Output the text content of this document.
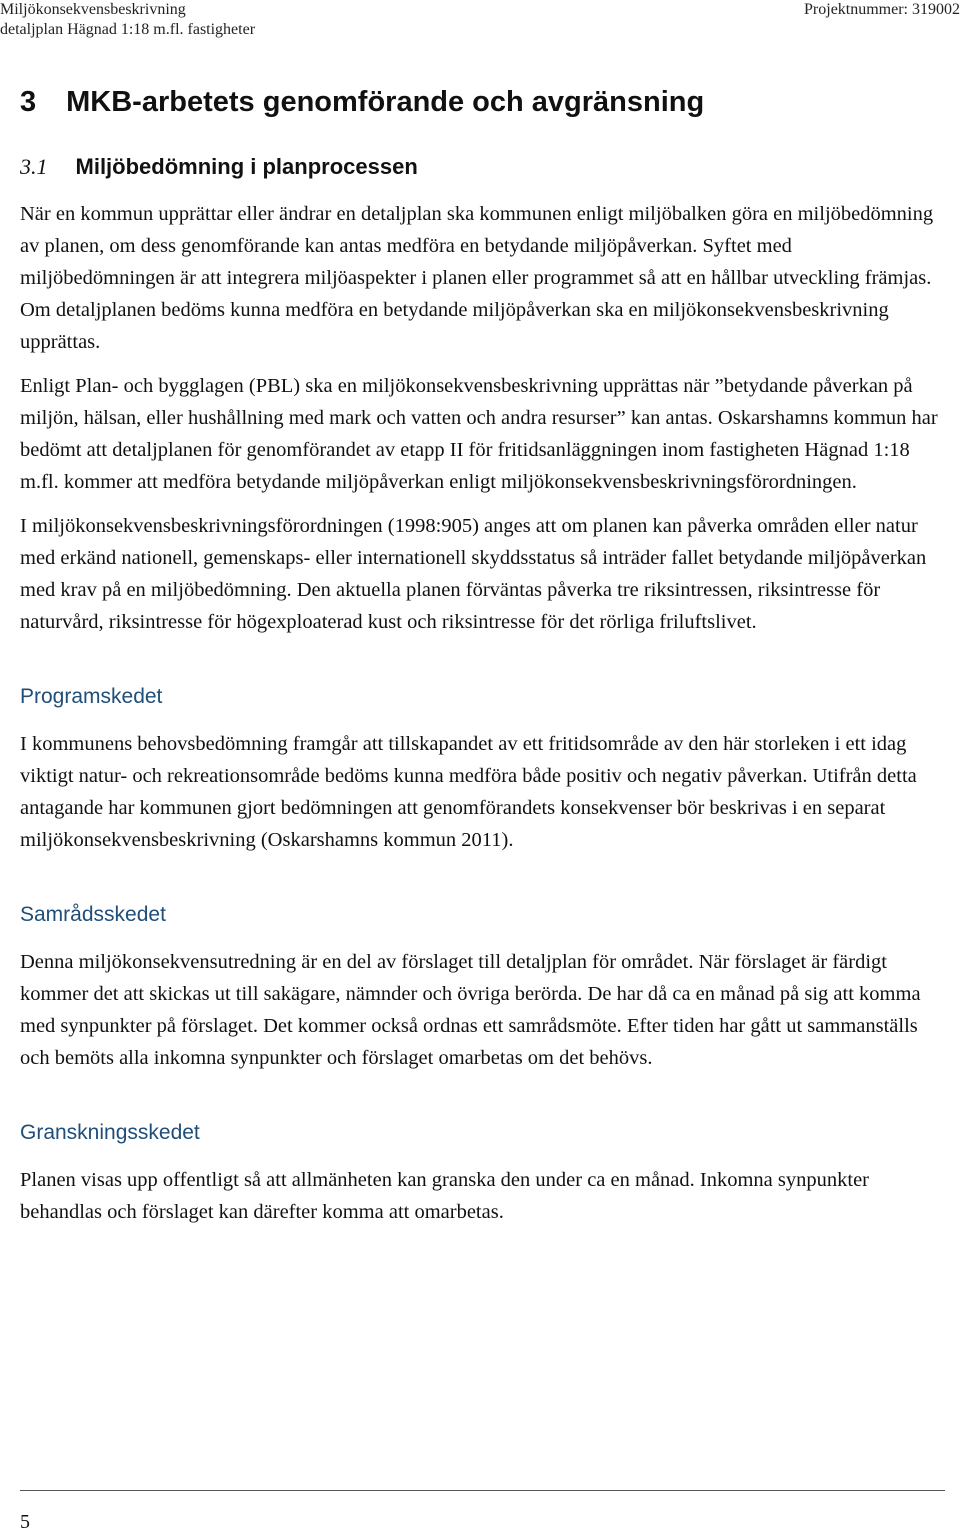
Miljökonsekvensbeskrivning
detaljplan Hägnad 1:18 m.fl. fastigheter
Projektnummer: 319002
3 MKB-arbetets genomförande och avgränsning
3.1 Miljöbedömning i planprocessen

När en kommun upprättar eller ändrar en detaljplan ska kommunen enligt miljöbalken göra en miljöbedömning av planen, om dess genomförande kan antas medföra en betydande miljöpåverkan. Syftet med miljöbedömningen är att integrera miljöaspekter i planen eller programmet så att en hållbar utveckling främjas. Om detaljplanen bedöms kunna medföra en betydande miljöpåverkan ska en miljökonsekvensbeskrivning upprättas.

Enligt Plan- och bygglagen (PBL) ska en miljökonsekvensbeskrivning upprättas när ”betydande påverkan på miljön, hälsan, eller hushållning med mark och vatten och andra resurser” kan antas. Oskarshamns kommun har bedömt att detaljplanen för genomförandet av etapp II för fritidsanläggningen inom fastigheten Hägnad 1:18 m.fl. kommer att medföra betydande miljöpåverkan enligt miljökonsekvensbeskrivningsförordningen.

I miljökonsekvensbeskrivningsförordningen (1998:905) anges att om planen kan påverka områden eller natur med erkänd nationell, gemenskaps- eller internationell skyddsstatus så inträder fallet betydande miljöpåverkan med krav på en miljöbedömning. Den aktuella planen förväntas påverka tre riksintressen, riksintresse för naturvård, riksintresse för högexploaterad kust och riksintresse för det rörliga friluftslivet.

Programskedet

I kommunens behovsbedömning framgår att tillskapandet av ett fritidsområde av den här storleken i ett idag viktigt natur- och rekreationsområde bedöms kunna medföra både positiv och negativ påverkan. Utifrån detta antagande har kommunen gjort bedömningen att genomförandets konsekvenser bör beskrivas i en separat miljökonsekvensbeskrivning (Oskarshamns kommun 2011).

Samrådsskedet

Denna miljökonsekvensutredning är en del av förslaget till detaljplan för området. När förslaget är färdigt kommer det att skickas ut till sakägare, nämnder och övriga berörda. De har då ca en månad på sig att komma med synpunkter på förslaget. Det kommer också ordnas ett samrådsmöte. Efter tiden har gått ut sammanställs och bemöts alla inkomna synpunkter och förslaget omarbetas om det behövs.

Granskningsskedet

Planen visas upp offentligt så att allmänheten kan granska den under ca en månad. Inkomna synpunkter behandlas och förslaget kan därefter komma att omarbetas.

5
